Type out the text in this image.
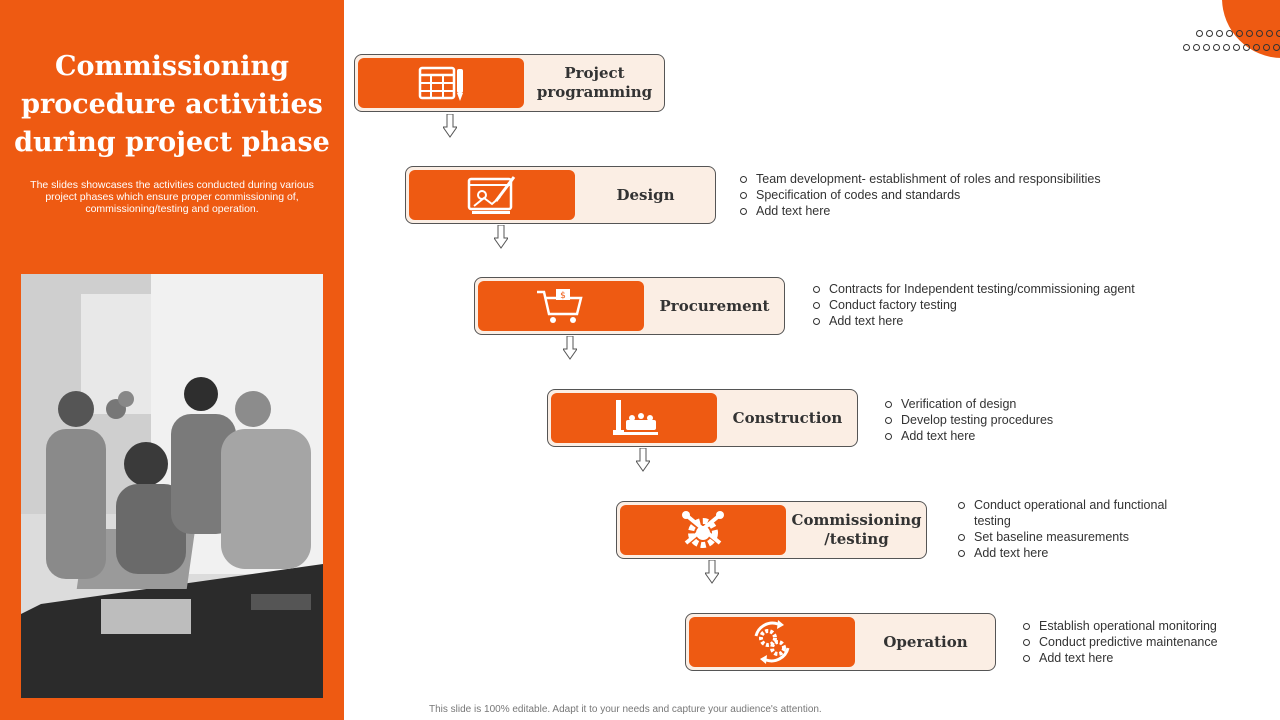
Commissioning procedure activities during project phase

The slides showcases the activities conducted during various project phases which ensure proper commissioning of, commissioning/testing and operation.

Project programming
Design
Team development- establishment of roles and responsibilities
Specification of codes and standards
Add text here
$
Procurement
Contracts for Independent testing/commissioning agent
Conduct factory testing
Add text here
Construction
Verification of design
Develop testing procedures
Add text here
Commissioning /testing
Conduct operational and functional testing
Set baseline measurements
Add text here
Operation
Establish operational monitoring
Conduct predictive maintenance
Add text here
This slide is 100% editable. Adapt it to your needs and capture your audience's attention.
